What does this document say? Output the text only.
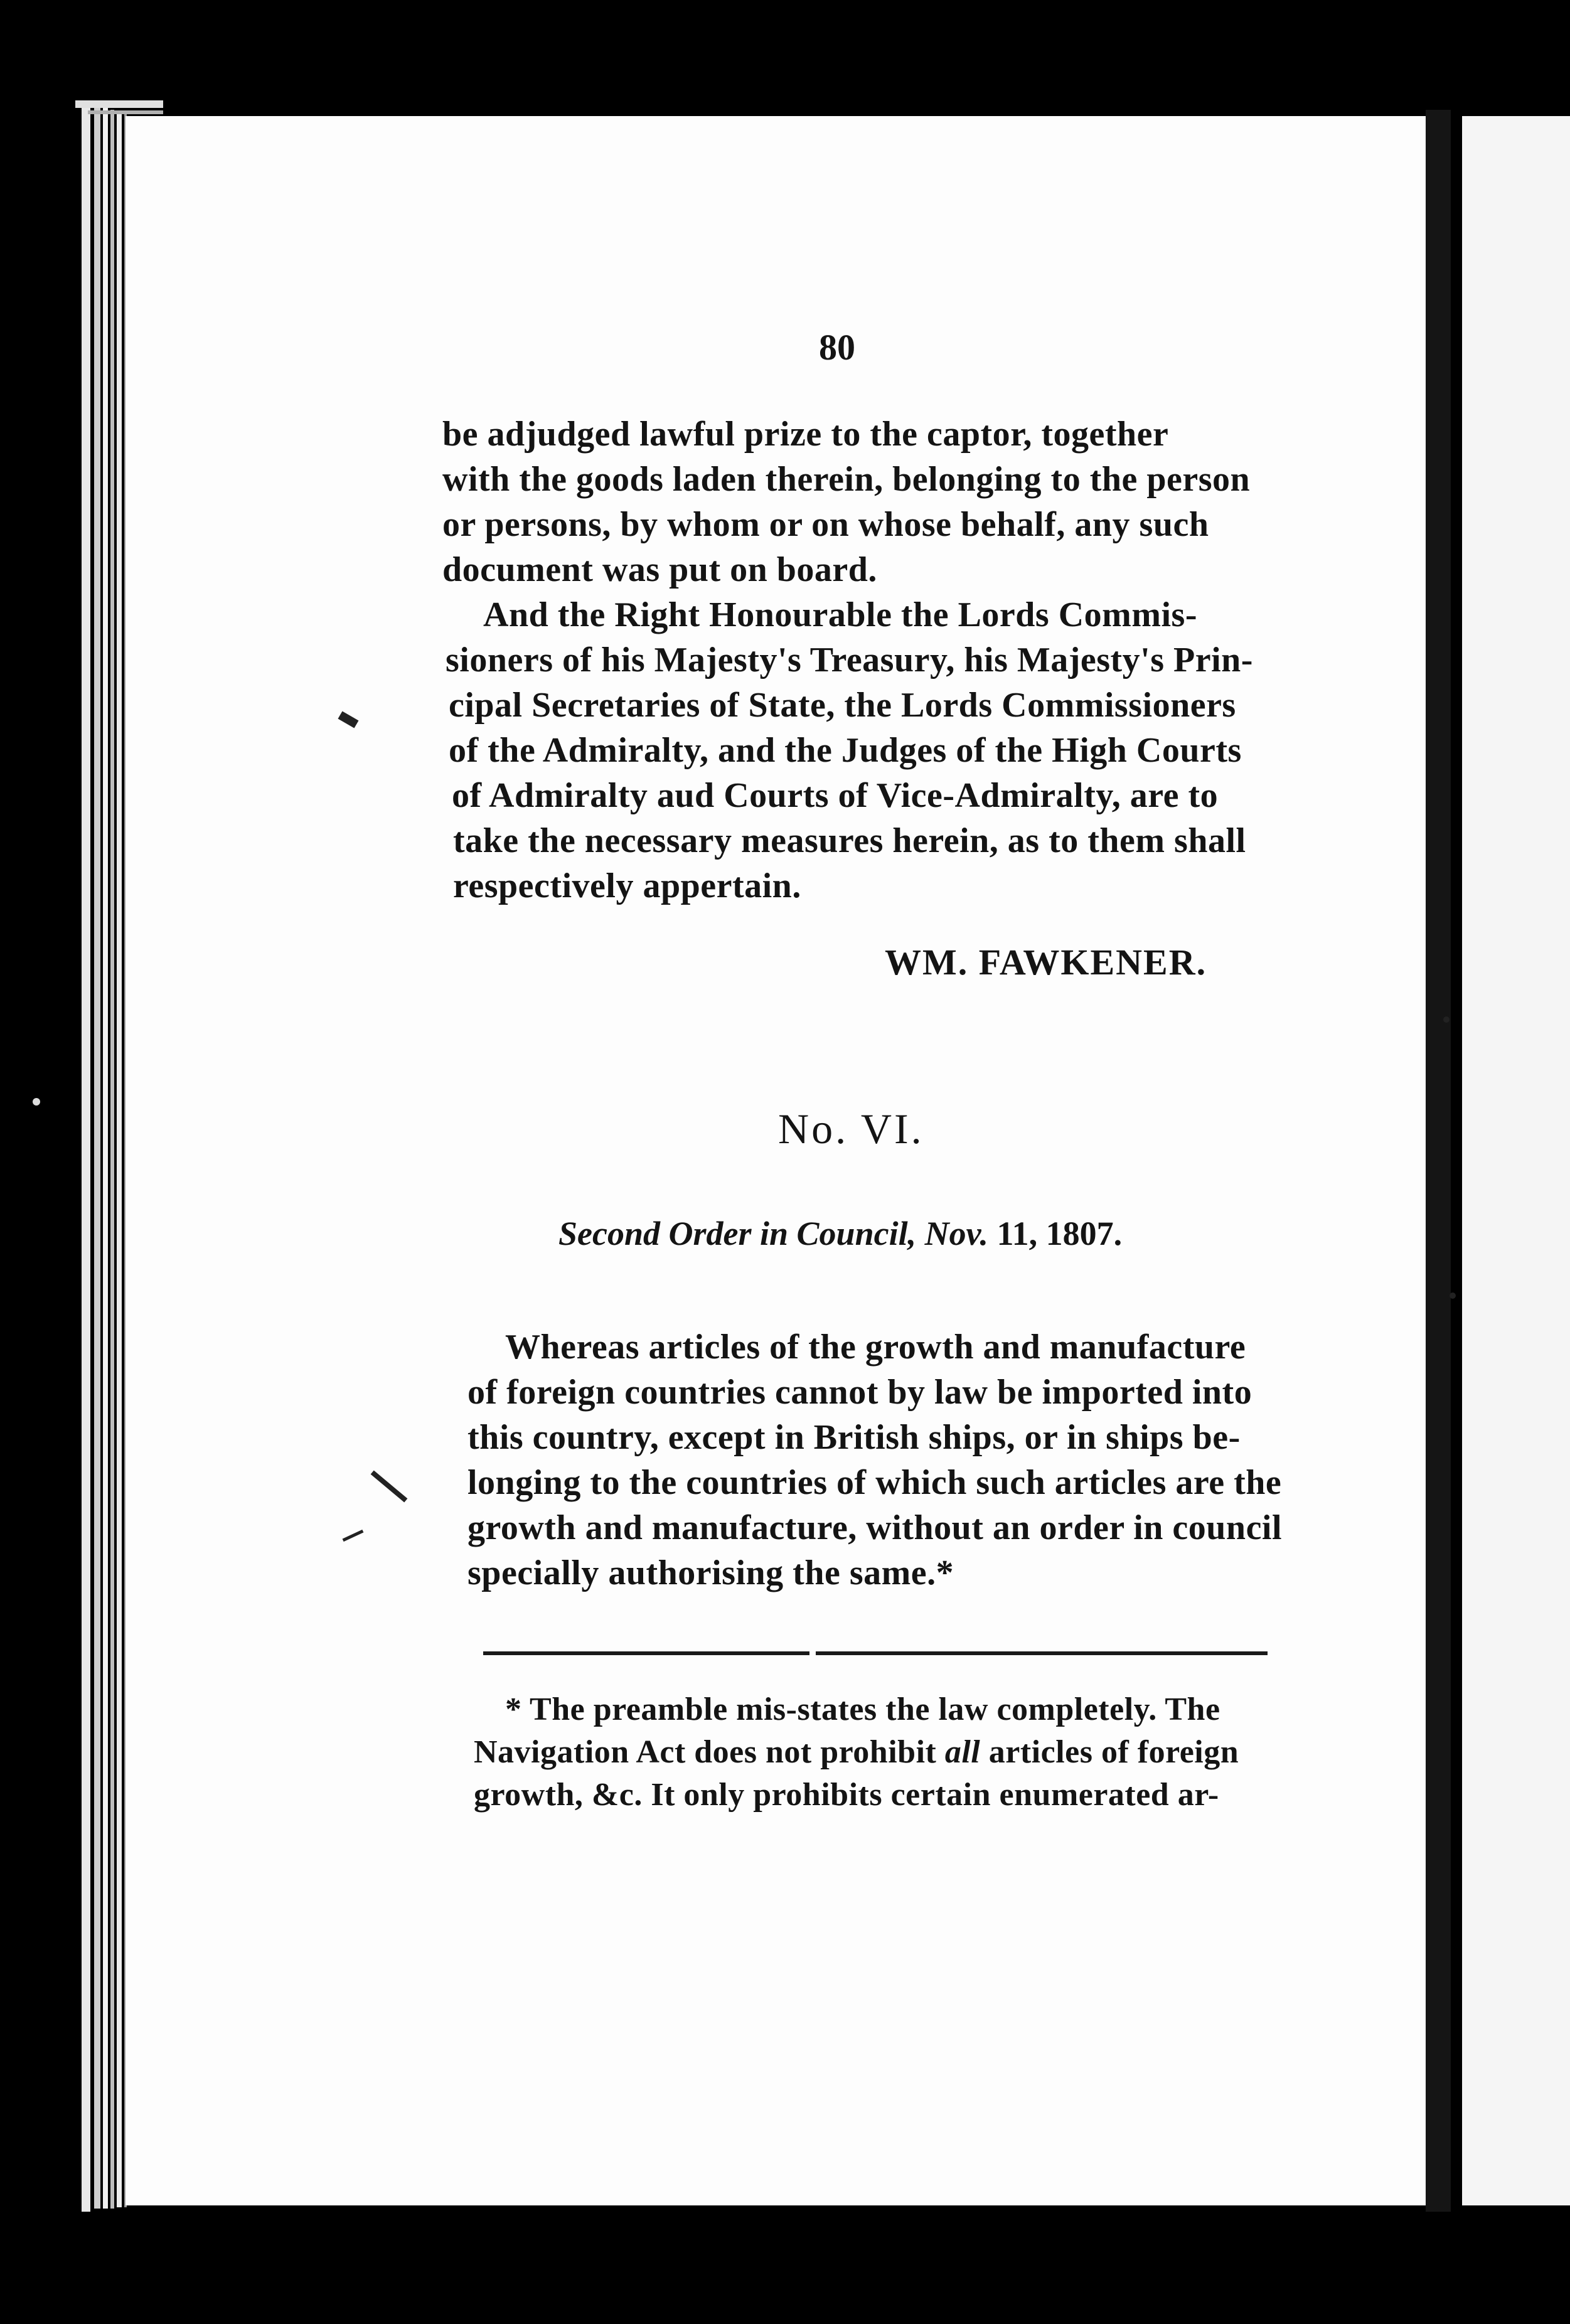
80
be adjudged lawful prize to the captor, together
with the goods laden therein, belonging to the person
or persons, by whom or on whose behalf, any such
document was put on board.
And the Right Honourable the Lords Commis-
sioners of his Majesty's Treasury, his Majesty's Prin-
cipal Secretaries of State, the Lords Commissioners
of the Admiralty, and the Judges of the High Courts
of Admiralty aud Courts of Vice-Admiralty, are to
take the necessary measures herein, as to them shall
respectively appertain.
WM. FAWKENER.
No. VI.
Second Order in Council, Nov. 11, 1807.
Whereas articles of the growth and manufacture
of foreign countries cannot by law be imported into
this country, except in British ships, or in ships be-
longing to the countries of which such articles are the
growth and manufacture, without an order in council
specially authorising the same.*
* The preamble mis-states the law completely. The
Navigation Act does not prohibit all articles of foreign
growth, &c. It only prohibits certain enumerated ar-
